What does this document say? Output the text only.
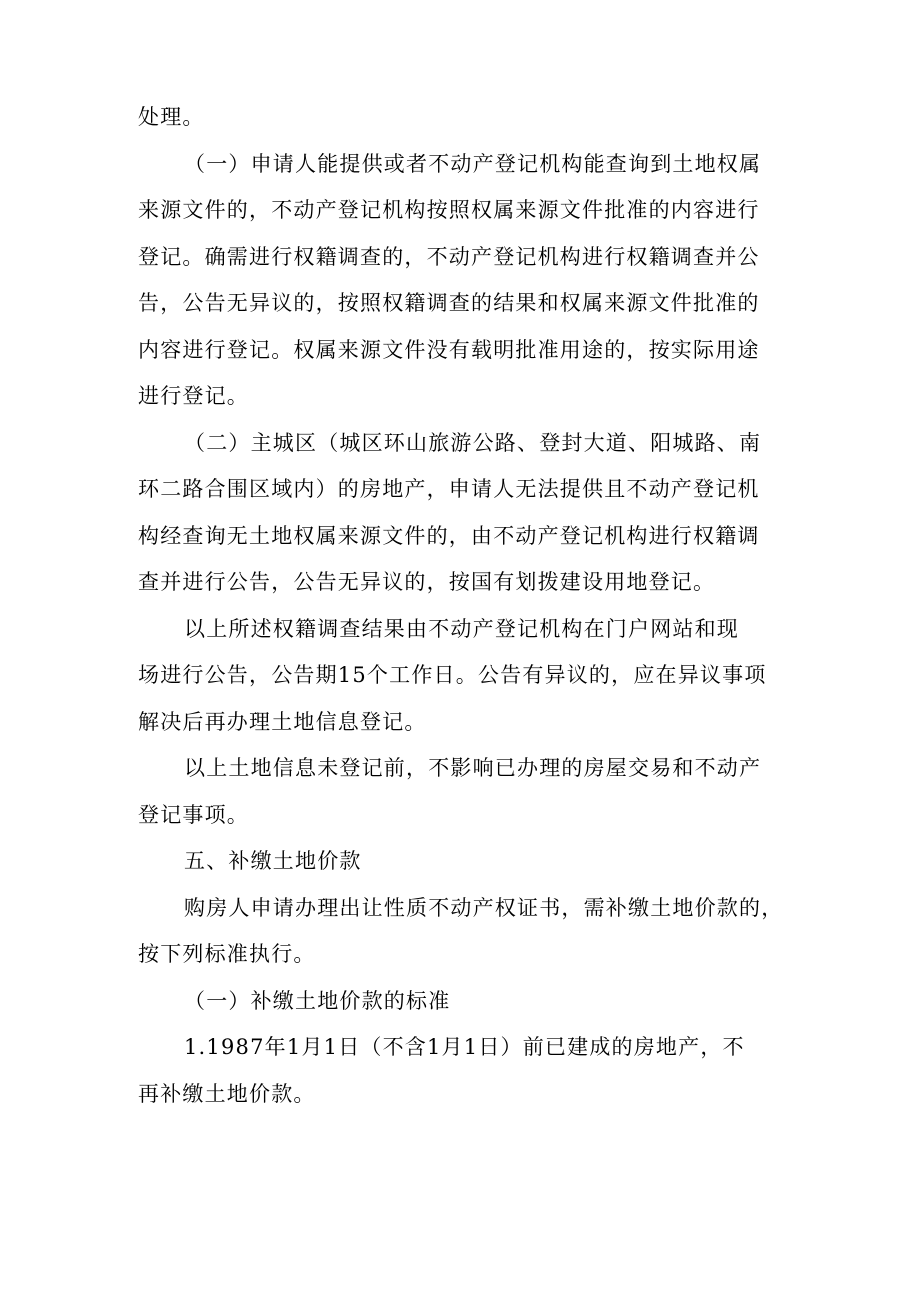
处理。
（一）申请人能提供或者不动产登记机构能查询到土地权属
来源文件的，不动产登记机构按照权属来源文件批准的内容进行
登记。确需进行权籍调查的，不动产登记机构进行权籍调查并公
告，公告无异议的，按照权籍调查的结果和权属来源文件批准的
内容进行登记。权属来源文件没有载明批准用途的，按实际用途
进行登记。
（二）主城区（城区环山旅游公路、登封大道、阳城路、南
环二路合围区域内）的房地产，申请人无法提供且不动产登记机
构经查询无土地权属来源文件的，由不动产登记机构进行权籍调
查并进行公告，公告无异议的，按国有划拨建设用地登记。
以上所述权籍调查结果由不动产登记机构在门户网站和现
场进行公告，公告期15个工作日。公告有异议的，应在异议事项
解决后再办理土地信息登记。
以上土地信息未登记前，不影响已办理的房屋交易和不动产
登记事项。
五、补缴土地价款
购房人申请办理出让性质不动产权证书，需补缴土地价款的，
按下列标准执行。
（一）补缴土地价款的标准
1.1987年1月1日（不含1月1日）前已建成的房地产，不
再补缴土地价款。
